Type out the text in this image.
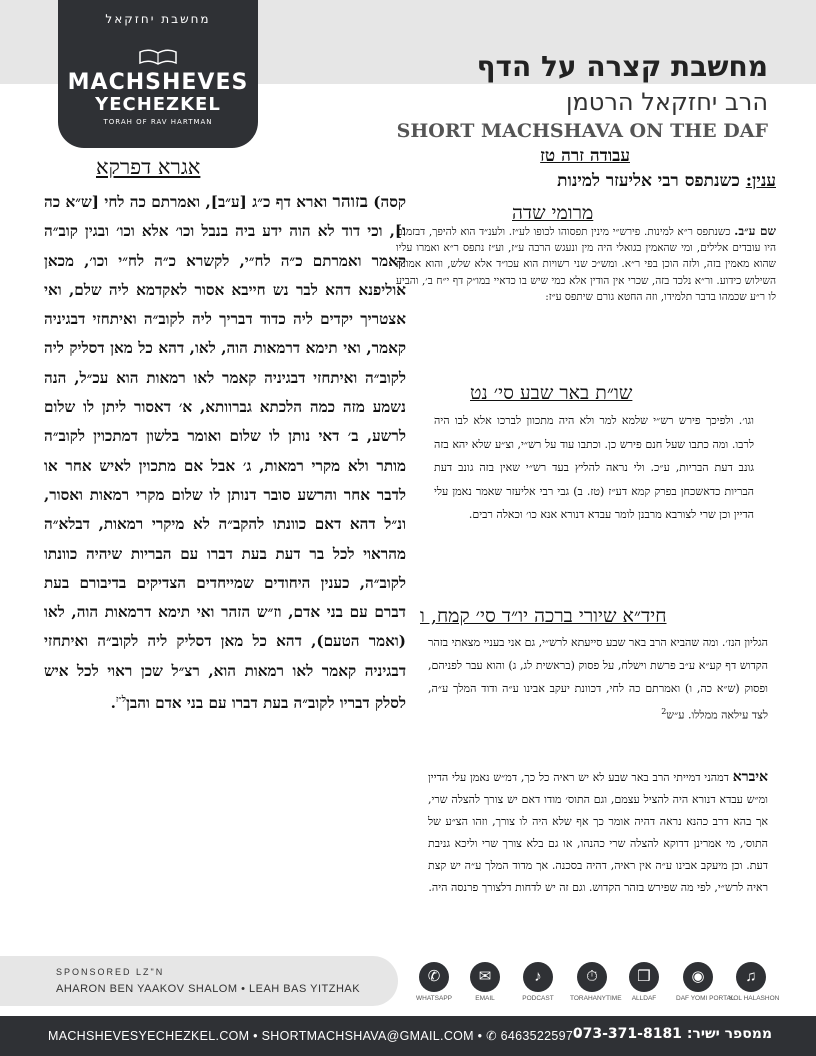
מחשבת יחזקאל
MACHSHEVES
YECHEZKEL
TORAH OF RAV HARTMAN
מחשבת קצרה על הדף
הרב יחזקאל הרטמן
SHORT MACHSHAVA ON THE DAF
עבודה זרה טז
ענין: כשנתפס רבי אליעזר למינות
אגרא דפרקא
קסה) בזוהר וארא דף כ״ג [ע״ב], ואמרתם כה לחי [ש״א כה ו], וכי דוד לא הוה ידע ביה בנבל וכו׳ אלא וכו׳ ובגין קוב״ה קאמר ואמרתם כ״ה לח״י, לקשרא כ״ה לח״י וכו׳, מכאן אוליפנא דהא לבר נש חייבא אסור לאקדמא ליה שלם, ואי אצטריך יקדים ליה כדוד דבריך ליה לקוב״ה ואיתחזי דבגיניה קאמר, ואי תימא דרמאות הוה, לאו, דהא כל מאן דסליק ליה לקוב״ה ואיתחזי דבגיניה קאמר לאו רמאות הוא עכ״ל, הנה נשמע מזה כמה הלכתא גברוותא, א׳ דאסור ליתן לו שלום לרשע, ב׳ דאי נותן לו שלום ואומר בלשון דמתכוין לקוב״ה מותר ולא מקרי רמאות, ג׳ אבל אם מתכוין לאיש אחר או לדבר אחר והרשע סובר דנותן לו שלום מקרי רמאות ואסור, ונ״ל דהא דאם כוונתו להקב״ה לא מיקרי רמאות, דבלא״ה מהראוי לכל בר דעת בעת דברו עם הבריות שיהיה כוונתו לקוב״ה, כענין היחודים שמייחדים הצדיקים בדיבורם בעת דברם עם בני אדם, וז״ש הזהר ואי תימא דרמאות הוה, לאו (ואמר הטעם), דהא כל מאן דסליק ליה לקוב״ה ואיתחזי דבגיניה קאמר לאו רמאות הוא, רצ״ל שכן ראוי לכל איש לסלק דבריו לקוב״ה בעת דברו עם בני אדם והבן$^{ל״ז}$.
מרומי שדה
שם ע״ב. כשנתפס ר״א למינות. פירש״י מינין תפסוהו לכופו לע״ז. ולענ״ד הוא להיפך, דבזמנם היו עובדים אלילים, ומי שהאמין בגואלי היה מין ונעגש הרבה ע״ז, וע״ז נתפס ר״א ואמרו עליו שהוא מאמין בזה, ולזה הוכן בפי ר״א. ומש״כ שני רשויות הוא עכו״ד אלא שלש, והוא אמונת השילוש כידוע. ור״א נלכד בזה, שכרי אין הודין אלא כמי שיש בו כדאיי במו״ק דף י״ח ב׳, והביע לו ר״ע שכמהו בדבר תלמידו, וזה החטא גורם שיתפס ע״ז:
שו״ת באר שבע סי׳ נט
וגו׳. ולפיכך פירש רש״י שלמא למר ולא היה מתכוון לברכו אלא לבו היה לרבו. ומה כתבו שעל חנם פירש כן. וכתבו עוד על רש״י, וצ״ע שלא יהא בזה גונב דעת הבריות, ע״כ. ולי נראה להליץ בעד רש״י שאין בזה גונב דעת הבריות כדאשכחן בפרק קמא דע״ז (טז. ב) גבי רבי אליעזר שאמר נאמן עלי הדיין וכן שרי לצורבא מרבנן לומר עבדא דנורא אנא כו׳ וכאלה רבים.
חיד״א שיורי ברכה יו״ד סי׳ קמח, ו
הגליון הנז׳. ומה שהביא הרב באר שבע סייעתא לרש״י, גם אני בעניי מצאתי בזהר הקדוש דף קע״א ע״ב פרשת וישלח, על פסוק (בראשית לג, ג) והוא עבר לפניהם, ופסוק (ש״א כה, ו) ואמרתם כה לחי, דכוונת יעקב אבינו ע״ה ודוד המלך ע״ה, לצד עילאה ממללו. ע״ש$^2$
איברא דמהני דמייתי הרב באר שבע לא יש ראיה כל כך, דמ״ש נאמן עלי הדיין ומ״ש עבדא דנורא היה להציל עצמם, וגם התוס׳ מודו דאם יש צורך להצלה שרי, אך בהא דרב כהנא נראה דהיה אומר כך אף שלא היה לו צורך, וזהו הצ״ע של התוס׳, מי אמרינן דדוקא להצלה שרי כהנהו, או גם בלא צורך שרי וליכא גניבת דעת. וכן מיעקב אבינו ע״ה אין ראיה, דהיה בסכנה. אך מדוד המלך ע״ה יש קצת ראיה לרש״י, לפי מה שפירש בזהר הקדוש. וגם זה יש לדחות דלצורך פרנסה היה.
SPONSORED LZ"N
AHARON BEN YAAKOV SHALOM • LEAH BAS YITZHAK
✆
WHATSAPP
✉
EMAIL
♪
PODCAST
⏱
TORAHANYTIME
❒
ALLDAF
◉
DAF YOMI PORTAL
♫
KOL HALASHON
MACHSHEVESYECHEZKEL.COM • SHORTMACHSHAVA@GMAIL.COM • ✆ 6463522597 •	ממספר ישיר: 073-371-8181
